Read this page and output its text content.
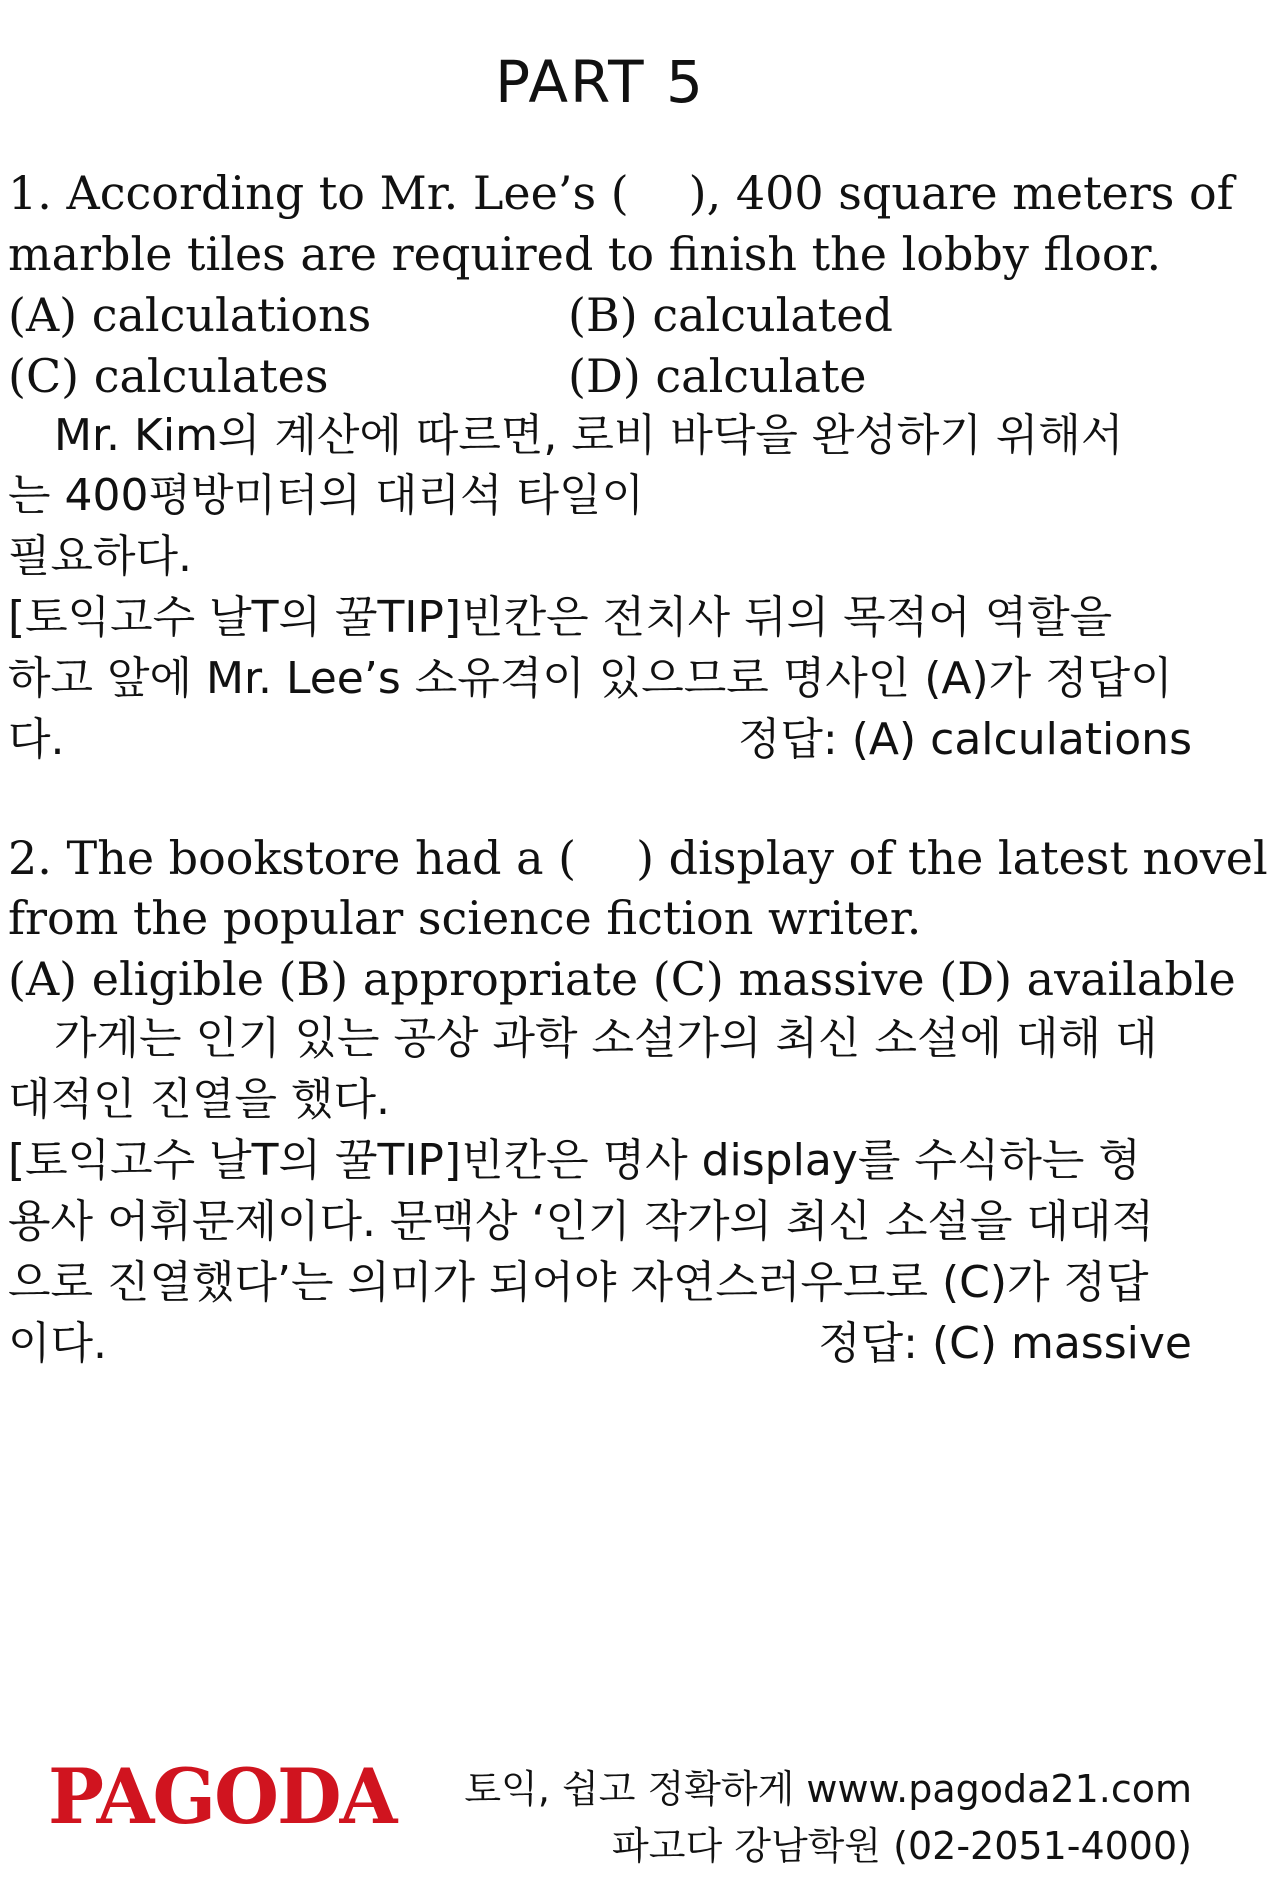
PART 5
1. According to Mr. Lee’s ( ), 400 square meters of
marble tiles are required to finish the lobby floor.
(A) calculations	(B) calculated
(C) calculates	(D) calculate
Mr. Kim의 계산에 따르면, 로비 바닥을 완성하기 위해서
는 400평방미터의 대리석 타일이
필요하다.
[토익고수 날T의 꿀TIP]빈칸은 전치사 뒤의 목적어 역할을
하고 앞에 Mr. Lee’s 소유격이 있으므로 명사인 (A)가 정답이
다.	정답: (A) calculations
2. The bookstore had a ( ) display of the latest novel
from the popular science fiction writer.
(A) eligible (B) appropriate (C) massive (D) available
가게는 인기 있는 공상 과학 소설가의 최신 소설에 대해 대
대적인 진열을 했다.
[토익고수 날T의 꿀TIP]빈칸은 명사 display를 수식하는 형
용사 어휘문제이다. 문맥상 ‘인기 작가의 최신 소설을 대대적
으로 진열했다’는 의미가 되어야 자연스러우므로 (C)가 정답
이다.	정답: (C) massive
PAGODA 토익, 쉽고 정확하게 www.pagoda21.com
파고다 강남학원 (02-2051-4000)
